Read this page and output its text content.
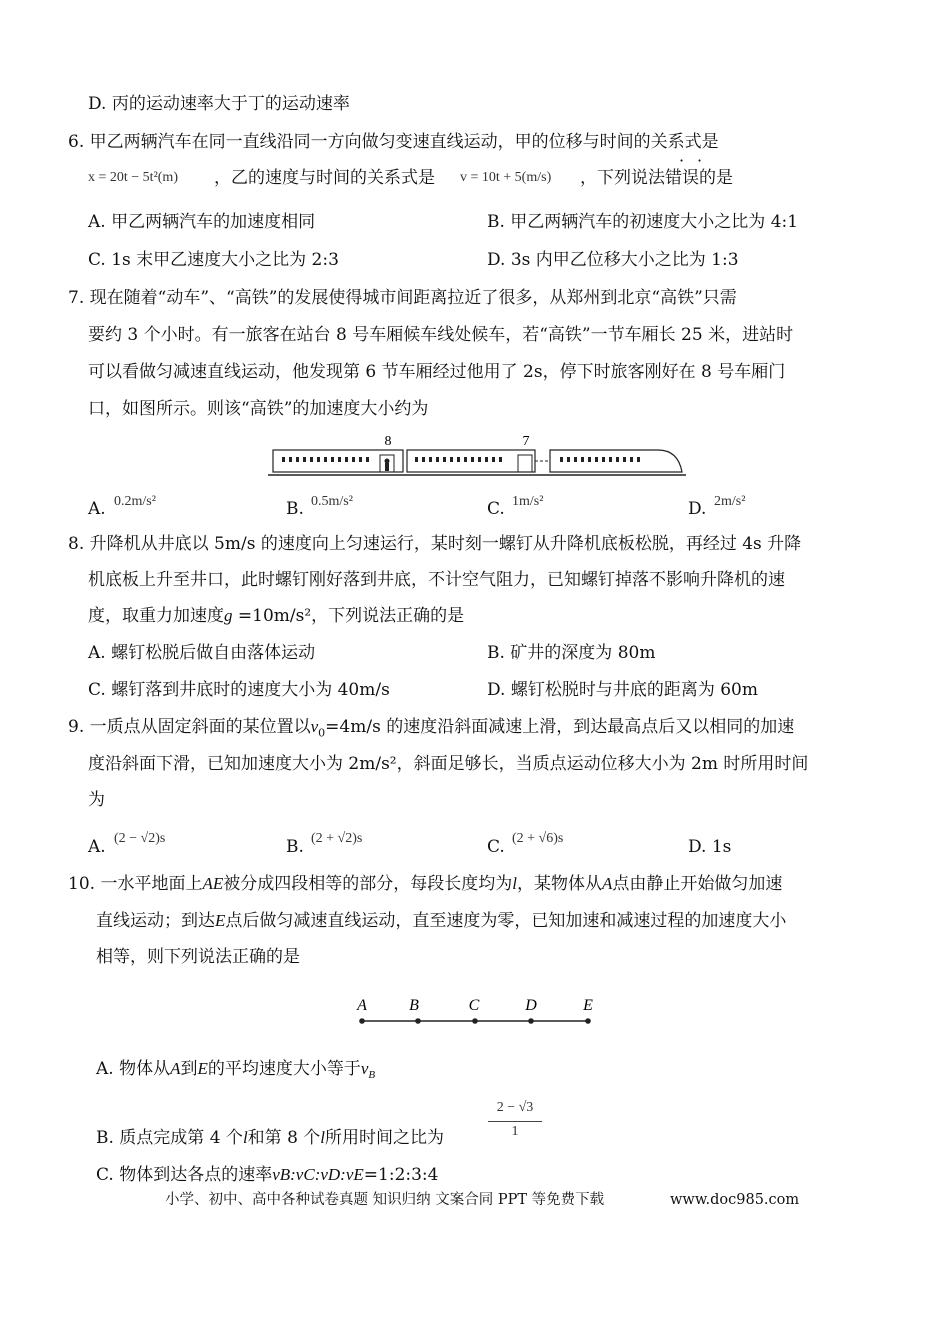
D. 丙的运动速率大于丁的运动速率
6. 甲乙两辆汽车在同一直线沿同一方向做匀变速直线运动，甲的位移与时间的关系式是
x = 20t − 5t²(m) ，乙的速度与时间的关系式是 v = 10t + 5(m/s) ，下列说法错误的是
· ·
A. 甲乙两辆汽车的加速度相同	B. 甲乙两辆汽车的初速度大小之比为 4:1
C. 1s 末甲乙速度大小之比为 2:3	D. 3s 内甲乙位移大小之比为 1:3
7. 现在随着“动车”、“高铁”的发展使得城市间距离拉近了很多，从郑州到北京“高铁”只需
要约 3 个小时。有一旅客在站台 8 号车厢候车线处候车，若“高铁”一节车厢长 25 米，进站时
可以看做匀减速直线运动，他发现第 6 节车厢经过他用了 2s，停下时旅客刚好在 8 号车厢门
口，如图所示。则该“高铁”的加速度大小约为
8	7
A. 0.2m/s²	B. 0.5m/s²	C. 1m/s²	D. 2m/s²
8. 升降机从井底以 5m/s 的速度向上匀速运行，某时刻一螺钉从升降机底板松脱，再经过 4s 升降
机底板上升至井口，此时螺钉刚好落到井底，不计空气阻力，已知螺钉掉落不影响升降机的速
度，取重力加速度g =10m/s²，下列说法正确的是
A. 螺钉松脱后做自由落体运动	B. 矿井的深度为 80m
C. 螺钉落到井底时的速度大小为 40m/s	D. 螺钉松脱时与井底的距离为 60m
9. 一质点从固定斜面的某位置以$v_0=4m/s$ 的速度沿斜面减速上滑，到达最高点后又以相同的加速
度沿斜面下滑，已知加速度大小为 2m/s²，斜面足够长，当质点运动位移大小为 2m 时所用时间
为
A. (2 − √2)s	B. (2 + √2)s	C. (2 + √6)s	D. 1s
10. 一水平地面上AE被分成四段相等的部分，每段长度均为l，某物体从A点由静止开始做匀加速
直线运动；到达E点后做匀减速直线运动，直至速度为零，已知加速和减速过程的加速度大小
相等，则下列说法正确的是
A	B	C	D	E
A. 物体从A到E的平均速度大小等于$v_B$
B. 质点完成第 4 个l和第 8 个l所用时间之比为
2 − √3
1
C. 物体到达各点的速率vB:vC:vD:vE=1:2:3:4
小学、初中、高中各种试卷真题 知识归纳 文案合同 PPT 等免费下载	www.doc985.com
